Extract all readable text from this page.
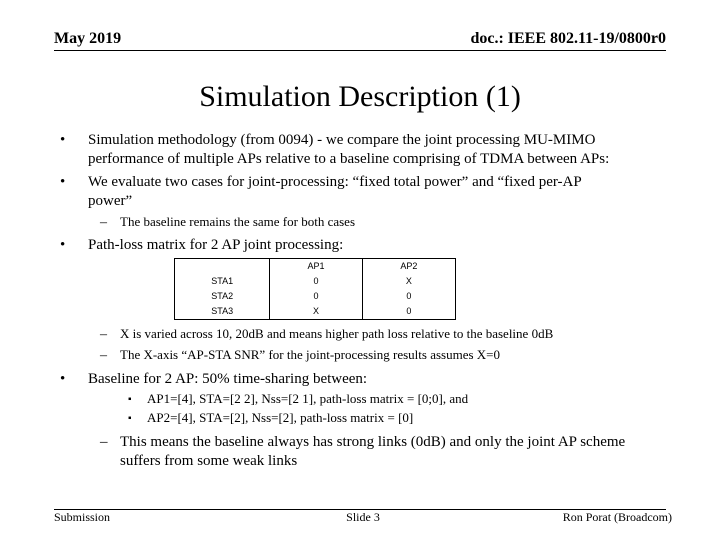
May 2019	doc.: IEEE 802.11-19/0800r0
Simulation Description (1)
• Simulation methodology (from 0094) - we compare the joint processing MU-MIMO
performance of multiple APs relative to a baseline comprising of TDMA between APs:
• We evaluate two cases for joint-processing: “fixed total power” and “fixed per-AP
power”
– The baseline remains the same for both cases
• Path-loss matrix for 2 AP joint processing:
	AP1	AP2
STA1	0	X
STA2	0	0
STA3	X	0
– X is varied across 10, 20dB and means higher path loss relative to the baseline 0dB
– The X-axis “AP-STA SNR” for the joint-processing results assumes X=0
• Baseline for 2 AP: 50% time-sharing between:
▪ AP1=[4], STA=[2 2], Nss=[2 1], path-loss matrix = [0;0], and
▪ AP2=[4], STA=[2], Nss=[2], path-loss matrix = [0]
– This means the baseline always has strong links (0dB) and only the joint AP scheme
suffers from some weak links
Submission	Slide 3	Ron Porat (Broadcom)
